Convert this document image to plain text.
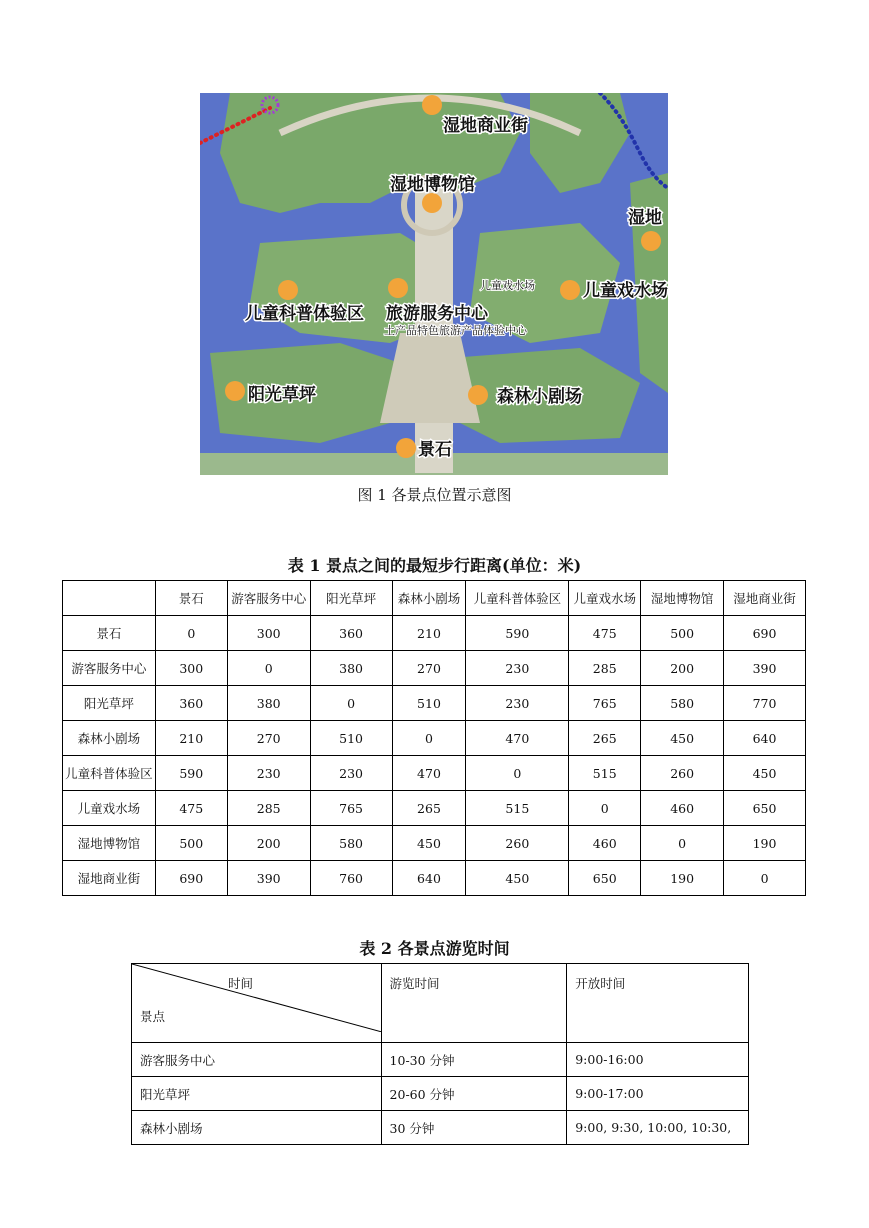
湿地商业街
湿地博物馆
湿地
儿童科普体验区 旅游服务中心
土产品特色旅游产品体验中心
儿童戏水场	儿童戏水场
阳光草坪	森林小剧场
景石
图 1 各景点位置示意图
表 1 景点之间的最短步行距离(单位：米)
	景石	游客服务中心	阳光草坪	森林小剧场	儿童科普体验区	儿童戏水场	湿地博物馆	湿地商业街
景石	0	300	360	210	590	475	500	690
游客服务中心	300	0	380	270	230	285	200	390
阳光草坪	360	380	0	510	230	765	580	770
森林小剧场	210	270	510	0	470	265	450	640
儿童科普体验区	590	230	230	470	0	515	260	450
儿童戏水场	475	285	765	265	515	0	460	650
湿地博物馆	500	200	580	450	260	460	0	190
湿地商业街	690	390	760	640	450	650	190	0
表 2 各景点游览时间
时间
景点	游览时间	开放时间
游客服务中心	10-30 分钟	9:00-16:00
阳光草坪	20-60 分钟	9:00-17:00
森林小剧场	30 分钟	9:00, 9:30, 10:00, 10:30,
